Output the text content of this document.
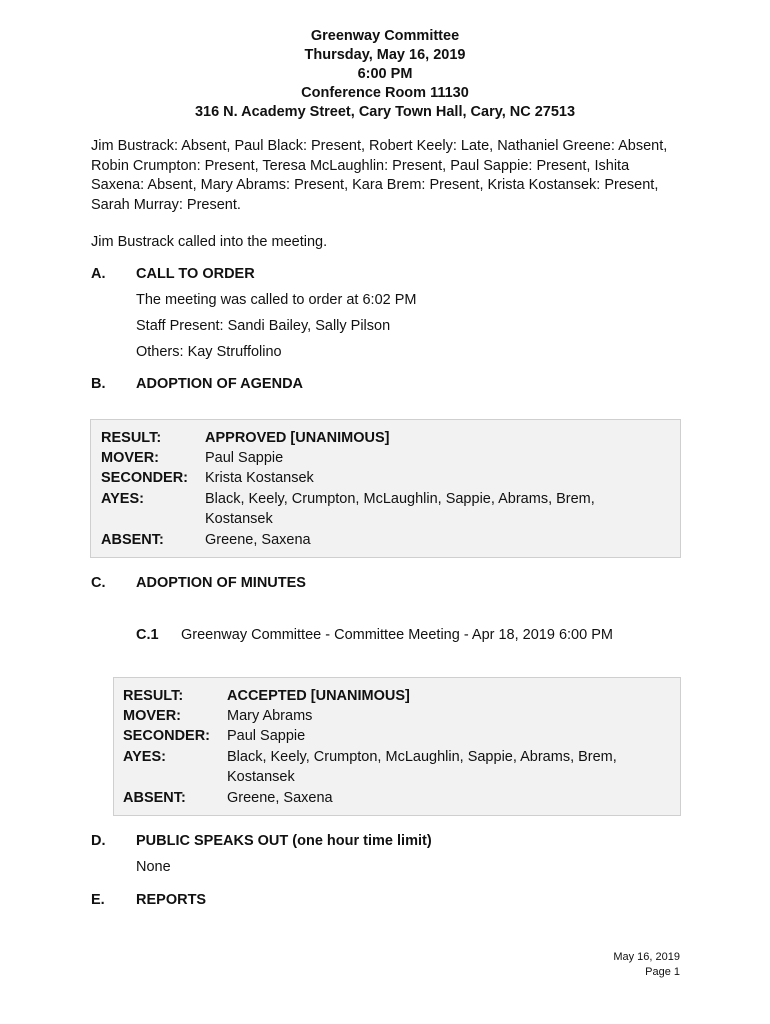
Greenway Committee
Thursday, May 16, 2019
6:00 PM
Conference Room 11130
316 N. Academy Street, Cary Town Hall, Cary, NC 27513
Jim Bustrack: Absent, Paul Black: Present, Robert Keely: Late, Nathaniel Greene: Absent, Robin Crumpton: Present, Teresa McLaughlin: Present, Paul Sappie: Present, Ishita Saxena: Absent, Mary Abrams: Present, Kara Brem: Present, Krista Kostansek: Present, Sarah Murray: Present.
Jim Bustrack called into the meeting.
A. CALL TO ORDER
The meeting was called to order at 6:02 PM
Staff Present: Sandi Bailey, Sally Pilson
Others: Kay Struffolino
B. ADOPTION OF AGENDA
RESULT:	APPROVED [UNANIMOUS]
MOVER:	Paul Sappie
SECONDER: Krista Kostansek
AYES:	Black, Keely, Crumpton, McLaughlin, Sappie, Abrams, Brem,
Kostansek
ABSENT:	Greene, Saxena
C. ADOPTION OF MINUTES
C.1 Greenway Committee - Committee Meeting - Apr 18, 2019 6:00 PM
RESULT:	ACCEPTED [UNANIMOUS]
MOVER:	Mary Abrams
SECONDER: Paul Sappie
AYES:	Black, Keely, Crumpton, McLaughlin, Sappie, Abrams, Brem,
Kostansek
ABSENT:	Greene, Saxena
D. PUBLIC SPEAKS OUT (one hour time limit)
None
E. REPORTS
May 16, 2019
Page 1
